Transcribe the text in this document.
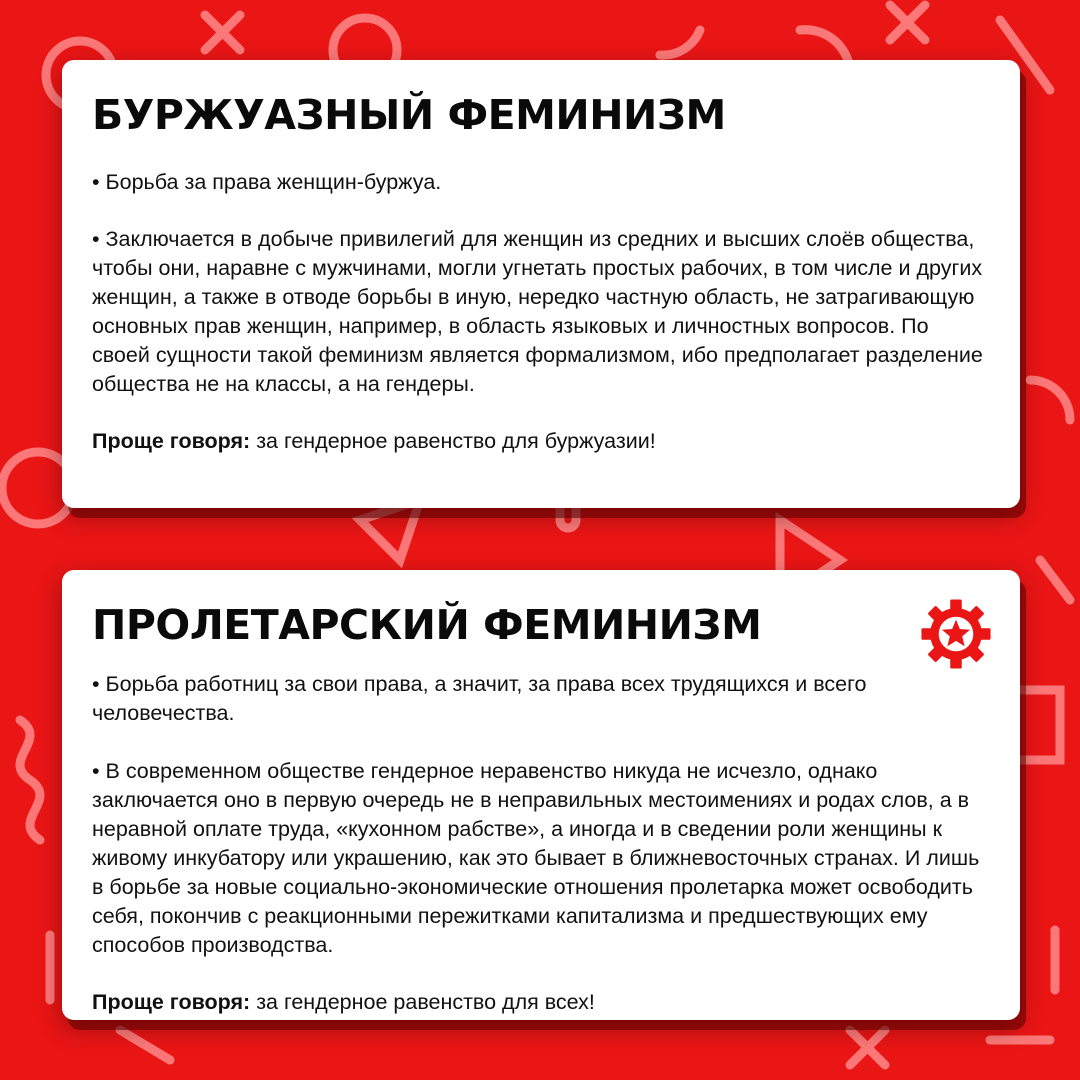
БУРЖУАЗНЫЙ ФЕМИНИЗМ

• Борьба за права женщин-буржуа.

• Заключается в добыче привилегий для женщин из средних и высших слоёв общества, чтобы они, наравне с мужчинами, могли угнетать простых рабочих, в том числе и других женщин, а также в отводе борьбы в иную, нередко частную область, не затрагивающую основных прав женщин, например, в область языковых и личностных вопросов. По своей сущности такой феминизм является формализмом, ибо предполагает разделение общества не на классы, а на гендеры.

Проще говоря: за гендерное равенство для буржуазии!

ПРОЛЕТАРСКИЙ ФЕМИНИЗМ

• Борьба работниц за свои права, а значит, за права всех трудящихся и всего человечества.

• В современном обществе гендерное неравенство никуда не исчезло, однако заключается оно в первую очередь не в неправильных местоимениях и родах слов, а в неравной оплате труда, «кухонном рабстве», а иногда и в сведении роли женщины к живому инкубатору или украшению, как это бывает в ближневосточных странах. И лишь в борьбе за новые социально-экономические отношения пролетарка может освободить себя, покончив с реакционными пережитками капитализма и предшествующих ему способов производства.

Проще говоря: за гендерное равенство для всех!
